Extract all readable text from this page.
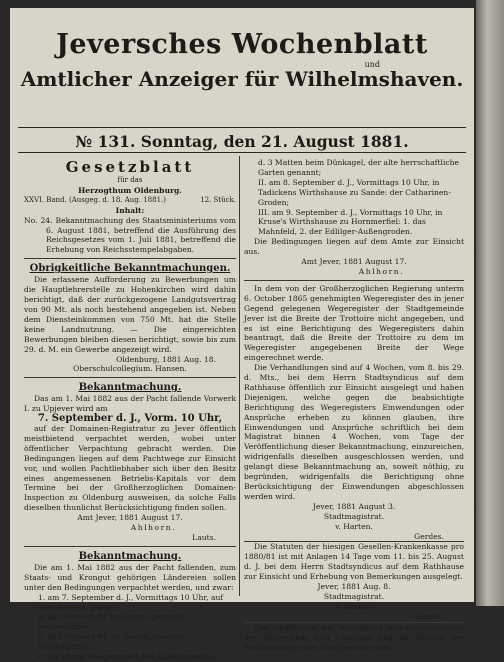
Jeversches Wochenblatt
und
Amtlicher Anzeiger für Wilhelmshaven.
№ 131. Sonntag, den 21. August 1881.
Gesetzblatt
für das
Herzogthum Oldenburg.
XXVI. Band. (Ausgeg. d. 18. Aug. 1881.)	12. Stück.
Inhalt:

No. 24. Bekanntmachung des Staatsministeriums vom 6. August 1881, betreffend die Ausführung des Reichsgesetzes vom 1. Juli 1881, betreffend die Erhebung von Reichsstempelabgaben.

Obrigkeitliche Bekanntmachungen.

Die erlassene Aufforderung zu Bewerbungen um die Hauptlehrerstelle zu Hohenkirchen wird dahin berichtigt, daß der zurückgezogene Landgutsvertrag von 90 Mt. als noch bestehend angegeben ist. Neben dem Diensteinkommen von 750 Mt. hat die Stelle keine Landnutzung. — Die eingereichten Bewerbungen bleiben diesen berichtigt, sowie bis zum 29. d. M. ein Gewerbe angezeigt wird.

Oldenburg, 1881 Aug. 18.
Oberschulcollegium. Hansen.
Bekanntmachung.

Das am 1. Mai 1882 aus der Pacht fallende Vorwerk I. zu Upjever wird am

7. September d. J., Vorm. 10 Uhr,

auf der Domainen-Registratur zu Jever öffentlich meistbietend verpachtet werden, wobei unter öffentlicher Verpachtung gebracht werden. Die Bedingungen liegen auf dem Pachtwege zur Einsicht vor, und wollen Pachtliebhaber sich über den Besitz eines angemessenen Betriebs-Kapitals vor dem Termine bei der Großherzoglichen Domainen-Inspection zu Oldenburg ausweisen, da solche Falls dieselben thunlichst Berücksichtigung finden sollen.

Amt Jever, 1881 August 17.
Ahlhorn.
Lauts.
Bekanntmachung.

Die am 1. Mai 1882 aus der Pacht fallenden, zum Staats- und Krongut gehörigen Ländereien sollen unter den Bedingungen verpachtet werden, und zwar:

1. am 7. September d. J., Vormittags 10 Uhr, auf dem Amte zu Jever:

a. das Vorwerk IV. zu Garms, genannt Westergarms,

b. das Vorwerk VI. zu Garms, genannt Nordergarms,

c. die kleine Waagegroden bei Kniphauserfiel,

d. 3 Matten beim Dünkagel, der alte herrschaftliche Garten genannt;

II. am 8. September d. J., Vormittags 10 Uhr, in Tadickens Wirthshause zu Sande: der Catharinen-Groden;

III. am 9. September d. J., Vormittags 10 Uhr, in Kruse's Wirthshause zu Hornmerfiel: 1. das Mahnfeld, 2. der Edlilger-Außengroden.

Die Bedingungen liegen auf dem Amte zur Einsicht aus.

Amt Jever, 1881 August 17.
Ahlhorn.

In dem von der Großherzoglichen Regierung unterm 6. October 1865 genehmigten Wegeregister des in jener Gegend gelegenen Wegeregister der Stadtgemeinde Jever ist die Breite der Trottoire nicht angegeben, und es ist eine Berichtigung des Wegeregisters dahin beantragt, daß die Breite der Trottoire zu dem im Wegeregister angegebenen Breite der Wege eingerechnet werde.

Die Verhandlungen sind auf 4 Wochen, vom 8. bis 29. d. Mts., bei dem Herrn Stadtsyndicus auf dem Rathhause öffentlich zur Einsicht ausgelegt und haben Diejenigen, welche gegen die beabsichtigte Berichtigung des Wegeregisters Einwendungen oder Ansprüche erheben zu können glauben, ihre Einwendungen und Ansprüche schriftlich bei dem Magistrat binnen 4 Wochen, vom Tage der Veröffentlichung dieser Bekanntmachung, einzureichen, widrigenfalls dieselben ausgeschlossen werden, und gelangt diese Bekanntmachung an, soweit nöthig, zu begründen, widrigenfalls die Berichtigung ohne Berücksichtigung der Einwendungen abgeschlossen werden wird.

Jever, 1881 August 3.
Stadtmagistrat.
v. Harten.
Gerdes.

Die Statuten der hiesigen Gesellen-Krankenkasse pro 1880/81 ist mit Anlagen 14 Tage vom 11. bis 25. August d. J. bei dem Herrn Stadtsyndicus auf dem Rathhause zur Einsicht und Erhebung von Bemerkungen ausgelegt.

Jever, 1881 Aug. 8.
Stadtmagistrat.
v. Harten.
Gerdes.

Zur Ausführung der Verordnung vom Ausschreibung der Neuwahlen zum Landtage und im Bezirke der Bestimmungen des Wahlgesetzes vom
